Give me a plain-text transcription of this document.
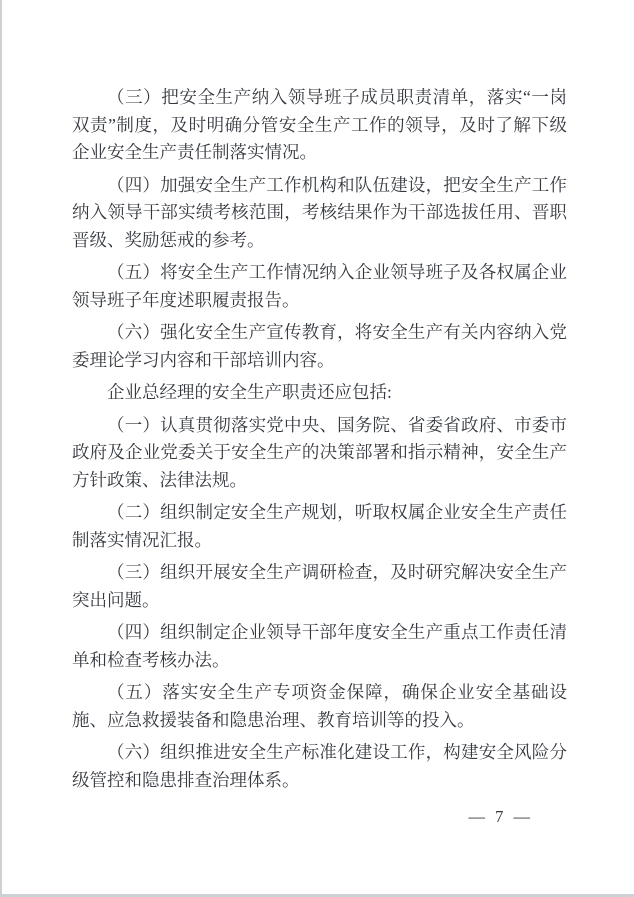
（三）把安全生产纳入领导班子成员职责清单，落实“一岗双责”制度，及时明确分管安全生产工作的领导，及时了解下级企业安全生产责任制落实情况。

（四）加强安全生产工作机构和队伍建设，把安全生产工作纳入领导干部实绩考核范围，考核结果作为干部选拔任用、晋职晋级、奖励惩戒的参考。

（五）将安全生产工作情况纳入企业领导班子及各权属企业领导班子年度述职履责报告。

（六）强化安全生产宣传教育，将安全生产有关内容纳入党委理论学习内容和干部培训内容。

企业总经理的安全生产职责还应包括:

（一）认真贯彻落实党中央、国务院、省委省政府、市委市政府及企业党委关于安全生产的决策部署和指示精神，安全生产方针政策、法律法规。

（二）组织制定安全生产规划，听取权属企业安全生产责任制落实情况汇报。

（三）组织开展安全生产调研检查，及时研究解决安全生产突出问题。

（四）组织制定企业领导干部年度安全生产重点工作责任清单和检查考核办法。

（五）落实安全生产专项资金保障，确保企业安全基础设施、应急救援装备和隐患治理、教育培训等的投入。

（六）组织推进安全生产标准化建设工作，构建安全风险分级管控和隐患排查治理体系。

— 7 —
